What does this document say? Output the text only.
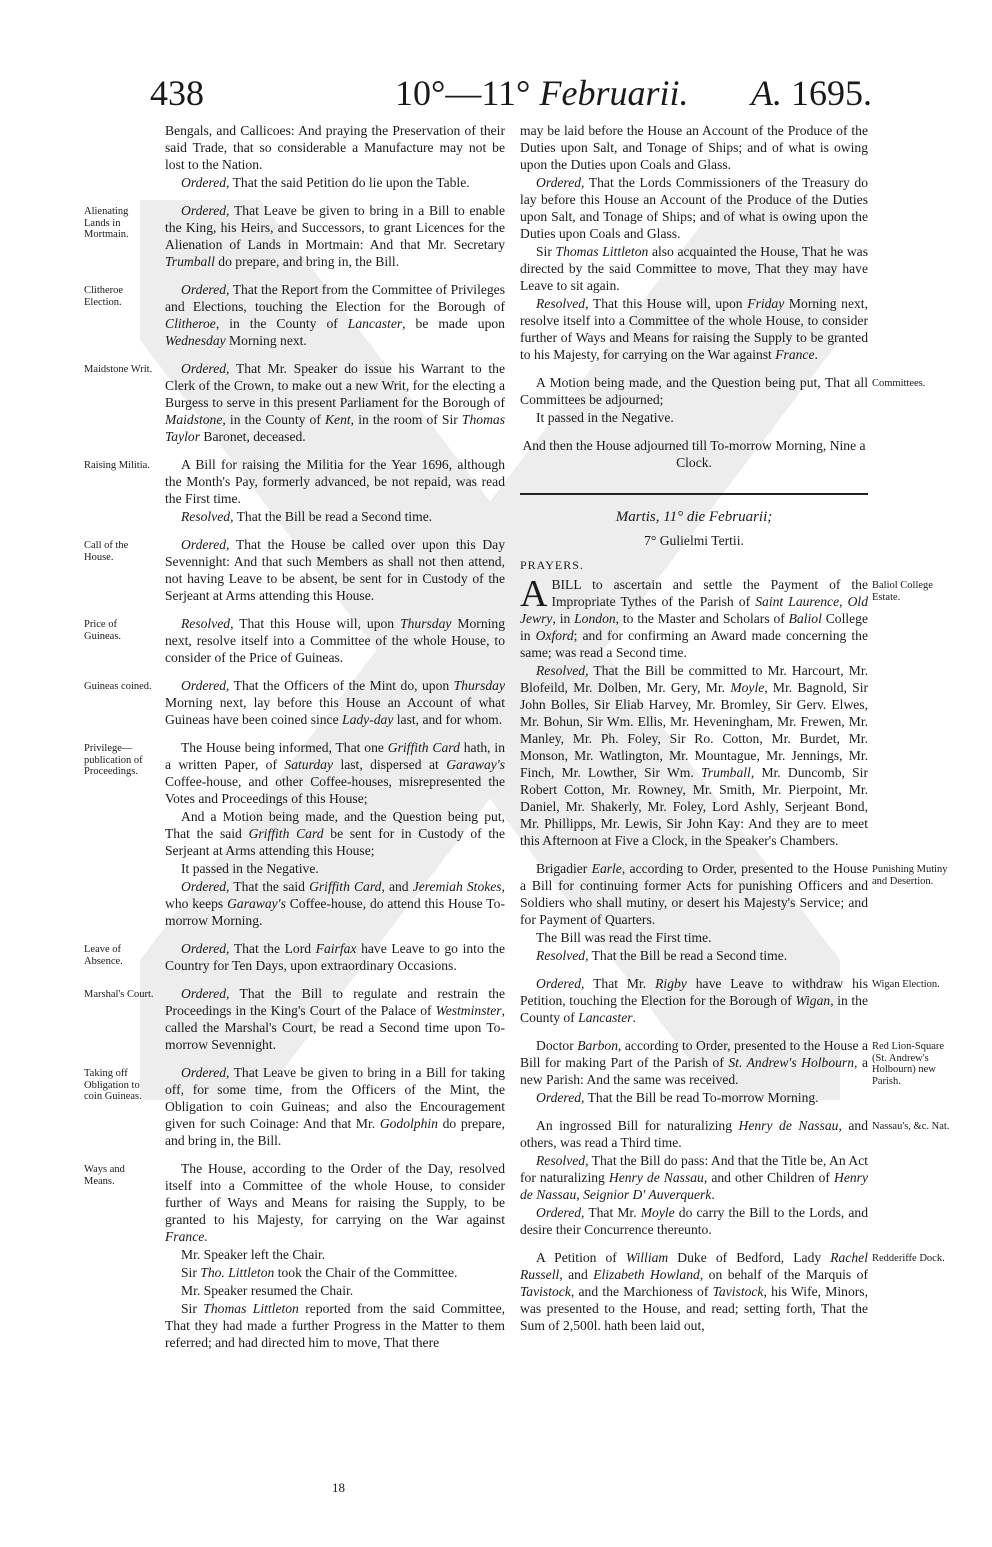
438	10°—11° Februarii. A. 1695.

Bengals, and Callicoes: And praying the Preservation of their said Trade, that so considerable a Manufacture may not be lost to the Nation.

Ordered, That the said Petition do lie upon the Table.

Ordered, That Leave be given to bring in a Bill to enable the King, his Heirs, and Successors, to grant Licences for the Alienation of Lands in Mortmain: And that Mr. Secretary Trumball do prepare, and bring in, the Bill.

Ordered, That the Report from the Committee of Privileges and Elections, touching the Election for the Borough of Clitheroe, in the County of Lancaster, be made upon Wednesday Morning next.

Ordered, That Mr. Speaker do issue his Warrant to the Clerk of the Crown, to make out a new Writ, for the electing a Burgess to serve in this present Parliament for the Borough of Maidstone, in the County of Kent, in the room of Sir Thomas Taylor Baronet, deceased.

A Bill for raising the Militia for the Year 1696, although the Month's Pay, formerly advanced, be not repaid, was read the First time.

Resolved, That the Bill be read a Second time.

Ordered, That the House be called over upon this Day Sevennight: And that such Members as shall not then attend, not having Leave to be absent, be sent for in Custody of the Serjeant at Arms attending this House.

Resolved, That this House will, upon Thursday Morning next, resolve itself into a Committee of the whole House, to consider of the Price of Guineas.

Ordered, That the Officers of the Mint do, upon Thursday Morning next, lay before this House an Account of what Guineas have been coined since Lady-day last, and for whom.

The House being informed, That one Griffith Card hath, in a written Paper, of Saturday last, dispersed at Garaway's Coffee-house, and other Coffee-houses, misrepresented the Votes and Proceedings of this House;

And a Motion being made, and the Question being put, That the said Griffith Card be sent for in Custody of the Serjeant at Arms attending this House;

It passed in the Negative.

Ordered, That the said Griffith Card, and Jeremiah Stokes, who keeps Garaway's Coffee-house, do attend this House To-morrow Morning.

Ordered, That the Lord Fairfax have Leave to go into the Country for Ten Days, upon extraordinary Occasions.

Ordered, That the Bill to regulate and restrain the Proceedings in the King's Court of the Palace of Westminster, called the Marshal's Court, be read a Second time upon To-morrow Sevennight.

Ordered, That Leave be given to bring in a Bill for taking off, for some time, from the Officers of the Mint, the Obligation to coin Guineas; and also the Encouragement given for such Coinage: And that Mr. Godolphin do prepare, and bring in, the Bill.

The House, according to the Order of the Day, resolved itself into a Committee of the whole House, to consider further of Ways and Means for raising the Supply, to be granted to his Majesty, for carrying on the War against France.

Mr. Speaker left the Chair.

Sir Tho. Littleton took the Chair of the Committee.

Mr. Speaker resumed the Chair.

Sir Thomas Littleton reported from the said Committee, That they had made a further Progress in the Matter to them referred; and had directed him to move, That there

may be laid before the House an Account of the Produce of the Duties upon Salt, and Tonage of Ships; and of what is owing upon the Duties upon Coals and Glass.

Ordered, That the Lords Commissioners of the Treasury do lay before this House an Account of the Produce of the Duties upon Salt, and Tonage of Ships; and of what is owing upon the Duties upon Coals and Glass.

Sir Thomas Littleton also acquainted the House, That he was directed by the said Committee to move, That they may have Leave to sit again.

Resolved, That this House will, upon Friday Morning next, resolve itself into a Committee of the whole House, to consider further of Ways and Means for raising the Supply to be granted to his Majesty, for carrying on the War against France.

A Motion being made, and the Question being put, That all Committees be adjourned;

It passed in the Negative.

And then the House adjourned till To-morrow Morning, Nine a Clock.

Martis, 11° die Februarii;
7° Gulielmi Tertii.
PRAYERS.

A BILL to ascertain and settle the Payment of the Impropriate Tythes of the Parish of Saint Laurence, Old Jewry, in London, to the Master and Scholars of Baliol College in Oxford; and for confirming an Award made concerning the same; was read a Second time.

Resolved, That the Bill be committed to Mr. Harcourt, Mr. Blofeild, Mr. Dolben, Mr. Gery, Mr. Moyle, Mr. Bagnold, Sir John Bolles, Sir Eliab Harvey, Mr. Bromley, Sir Gerv. Elwes, Mr. Bohun, Sir Wm. Ellis, Mr. Heveningham, Mr. Frewen, Mr. Manley, Mr. Ph. Foley, Sir Ro. Cotton, Mr. Burdet, Mr. Monson, Mr. Watlington, Mr. Mountague, Mr. Jennings, Mr. Finch, Mr. Lowther, Sir Wm. Trumball, Mr. Duncomb, Sir Robert Cotton, Mr. Rowney, Mr. Smith, Mr. Pierpoint, Mr. Daniel, Mr. Shakerly, Mr. Foley, Lord Ashly, Serjeant Bond, Mr. Phillipps, Mr. Lewis, Sir John Kay: And they are to meet this Afternoon at Five a Clock, in the Speaker's Chambers.

Brigadier Earle, according to Order, presented to the House a Bill for continuing former Acts for punishing Officers and Soldiers who shall mutiny, or desert his Majesty's Service; and for Payment of Quarters.

The Bill was read the First time.

Resolved, That the Bill be read a Second time.

Ordered, That Mr. Rigby have Leave to withdraw his Petition, touching the Election for the Borough of Wigan, in the County of Lancaster.

Doctor Barbon, according to Order, presented to the House a Bill for making Part of the Parish of St. Andrew's Holbourn, a new Parish: And the same was received.

Ordered, That the Bill be read To-morrow Morning.

An ingrossed Bill for naturalizing Henry de Nassau, and others, was read a Third time.

Resolved, That the Bill do pass: And that the Title be, An Act for naturalizing Henry de Nassau, and other Children of Henry de Nassau, Seignior D' Auverquerk.

Ordered, That Mr. Moyle do carry the Bill to the Lords, and desire their Concurrence thereunto.

A Petition of William Duke of Bedford, Lady Rachel Russell, and Elizabeth Howland, on behalf of the Marquis of Tavistock, and the Marchioness of Tavistock, his Wife, Minors, was presented to the House, and read; setting forth, That the Sum of 2,500l. hath been laid out,

Alienating Lands in Mortmain.
Clitheroe Election.
Maidstone Writ.
Raising Militia.
Call of the House.
Price of Guineas.
Guineas coined.
Privilege—publication of Proceedings.
Leave of Absence.
Marshal's Court.
Taking off Obligation to coin Guineas.
Ways and Means.
Committees.
Baliol College Estate.
Punishing Mutiny and Desertion.
Wigan Election.
Red Lion-Square (St. Andrew's Holbourn) new Parish.
Nassau's, &c. Nat.
Redderiffe Dock.
18
